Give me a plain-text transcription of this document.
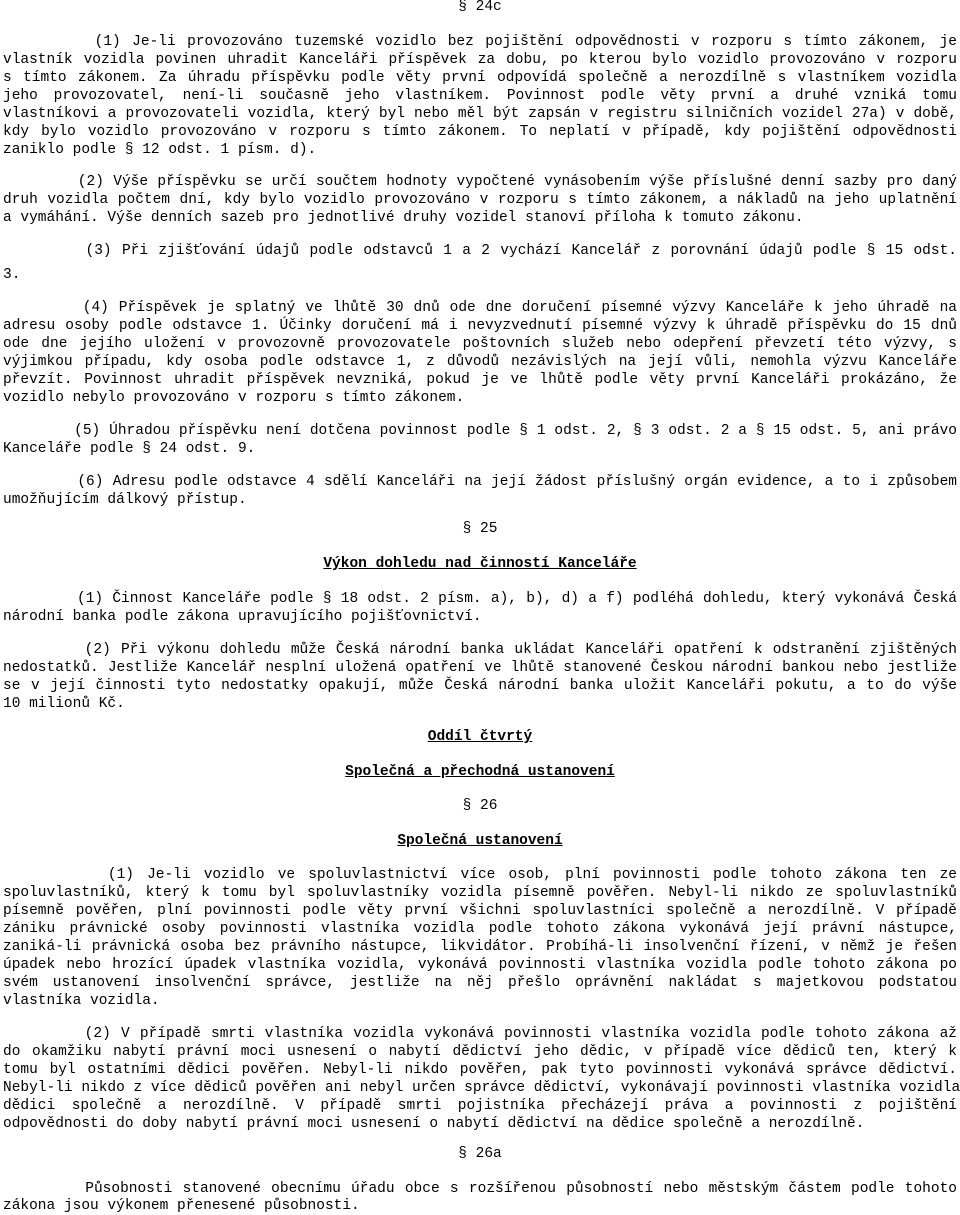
§ 24c
(1) Je-li provozováno tuzemské vozidlo bez pojištění odpovědnosti v rozporu s tímto zákonem, je
vlastník vozidla povinen uhradit Kanceláři příspěvek za dobu, po kterou bylo vozidlo provozováno v rozporu
s tímto zákonem. Za úhradu příspěvku podle věty první odpovídá společně a nerozdílně s vlastníkem vozidla
jeho provozovatel, není-li současně jeho vlastníkem. Povinnost podle věty první a druhé vzniká tomu
vlastníkovi a provozovateli vozidla, který byl nebo měl být zapsán v registru silničních vozidel 27a) v době,
kdy bylo vozidlo provozováno v rozporu s tímto zákonem. To neplatí v případě, kdy pojištění odpovědnosti
zaniklo podle § 12 odst. 1 písm. d).
(2) Výše příspěvku se určí součtem hodnoty vypočtené vynásobením výše příslušné denní sazby pro daný
druh vozidla počtem dní, kdy bylo vozidlo provozováno v rozporu s tímto zákonem, a nákladů na jeho uplatnění
a vymáhání. Výše denních sazeb pro jednotlivé druhy vozidel stanoví příloha k tomuto zákonu.
(3) Při zjišťování údajů podle odstavců 1 a 2 vychází Kancelář z porovnání údajů podle § 15 odst.
3.
(4) Příspěvek je splatný ve lhůtě 30 dnů ode dne doručení písemné výzvy Kanceláře k jeho úhradě na
adresu osoby podle odstavce 1. Účinky doručení má i nevyzvednutí písemné výzvy k úhradě příspěvku do 15 dnů
ode dne jejího uložení v provozovně provozovatele poštovních služeb nebo odepření převzetí této výzvy, s
výjimkou případu, kdy osoba podle odstavce 1, z důvodů nezávislých na její vůli, nemohla výzvu Kanceláře
převzít. Povinnost uhradit příspěvek nevzniká, pokud je ve lhůtě podle věty první Kanceláři prokázáno, že
vozidlo nebylo provozováno v rozporu s tímto zákonem.
(5) Úhradou příspěvku není dotčena povinnost podle § 1 odst. 2, § 3 odst. 2 a § 15 odst. 5, ani právo
Kanceláře podle § 24 odst. 9.
(6) Adresu podle odstavce 4 sdělí Kanceláři na její žádost příslušný orgán evidence, a to i způsobem
umožňujícím dálkový přístup.
§ 25
Výkon dohledu nad činností Kanceláře
(1) Činnost Kanceláře podle § 18 odst. 2 písm. a), b), d) a f) podléhá dohledu, který vykonává Česká
národní banka podle zákona upravujícího pojišťovnictví.
(2) Při výkonu dohledu může Česká národní banka ukládat Kanceláři opatření k odstranění zjištěných
nedostatků. Jestliže Kancelář nesplní uložená opatření ve lhůtě stanovené Českou národní bankou nebo jestliže
se v její činnosti tyto nedostatky opakují, může Česká národní banka uložit Kanceláři pokutu, a to do výše
10 milionů Kč.
Oddíl čtvrtý
Společná a přechodná ustanovení
§ 26
Společná ustanovení
(1) Je-li vozidlo ve spoluvlastnictví více osob, plní povinnosti podle tohoto zákona ten ze
spoluvlastníků, který k tomu byl spoluvlastníky vozidla písemně pověřen. Nebyl-li nikdo ze spoluvlastníků
písemně pověřen, plní povinnosti podle věty první všichni spoluvlastníci společně a nerozdílně. V případě
zániku právnické osoby povinnosti vlastníka vozidla podle tohoto zákona vykonává její právní nástupce,
zaniká-li právnická osoba bez právního nástupce, likvidátor. Probíhá-li insolvenční řízení, v němž je řešen
úpadek nebo hrozící úpadek vlastníka vozidla, vykonává povinnosti vlastníka vozidla podle tohoto zákona po
svém ustanovení insolvenční správce, jestliže na něj přešlo oprávnění nakládat s majetkovou podstatou
vlastníka vozidla.
(2) V případě smrti vlastníka vozidla vykonává povinnosti vlastníka vozidla podle tohoto zákona až
do okamžiku nabytí právní moci usnesení o nabytí dědictví jeho dědic, v případě více dědiců ten, který k
tomu byl ostatními dědici pověřen. Nebyl-li nikdo pověřen, pak tyto povinnosti vykonává správce dědictví.
Nebyl-li nikdo z více dědiců pověřen ani nebyl určen správce dědictví, vykonávají povinnosti vlastníka vozidla
dědici společně a nerozdílně. V případě smrti pojistníka přecházejí práva a povinnosti z pojištění
odpovědnosti do doby nabytí právní moci usnesení o nabytí dědictví na dědice společně a nerozdílně.
§ 26a
Působnosti stanovené obecnímu úřadu obce s rozšířenou působností nebo městským částem podle tohoto
zákona jsou výkonem přenesené působnosti.
